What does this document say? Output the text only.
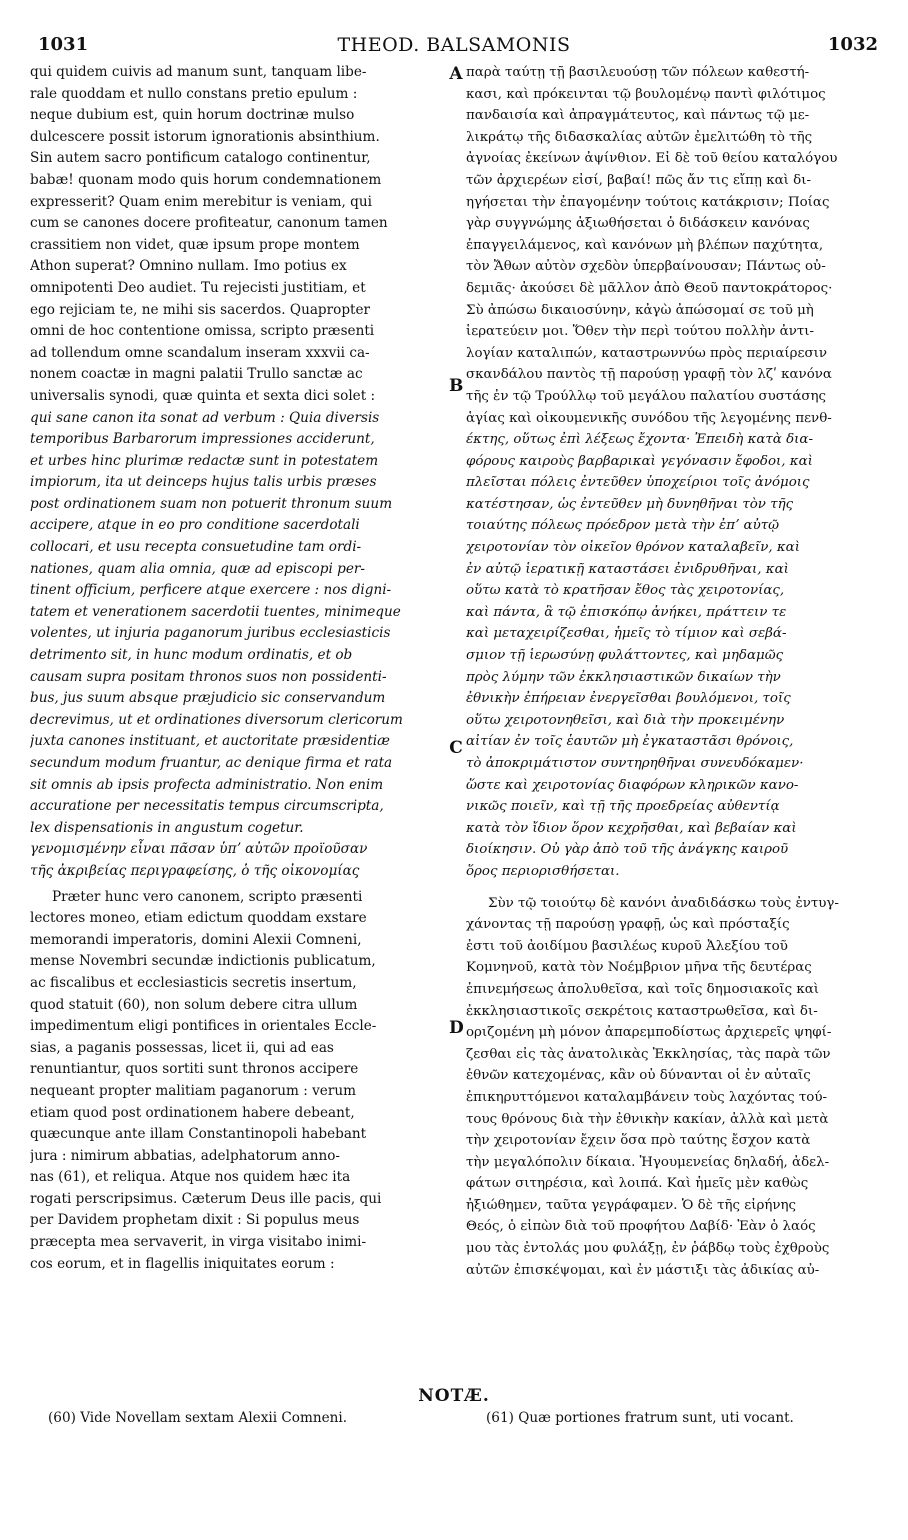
1031	THEOD. BALSAMONIS	1032
qui quidem cuivis ad manum sunt, tanquam libe-
rale quoddam et nullo constans pretio epulum :
neque dubium est, quin horum doctrinæ mulso
dulcescere possit istorum ignorationis absinthium.
Sin autem sacro pontificum catalogo continentur,
babæ! quonam modo quis horum condemnationem
expresserit? Quam enim merebitur is veniam, qui
cum se canones docere profiteatur, canonum tamen
crassitiem non videt, quæ ipsum prope montem
Athon superat? Omnino nullam. Imo potius ex
omnipotenti Deo audiet. Tu rejecisti justitiam, et
ego rejiciam te, ne mihi sis sacerdos. Quapropter
omni de hoc contentione omissa, scripto præsenti
ad tollendum omne scandalum inseram xxxvii ca-
nonem coactæ in magni palatii Trullo sanctæ ac
universalis synodi, quæ quinta et sexta dici solet :
qui sane canon ita sonat ad verbum : Quia diversis
temporibus Barbarorum impressiones acciderunt,
et urbes hinc plurimæ redactæ sunt in potestatem
impiorum, ita ut deinceps hujus talis urbis præses
post ordinationem suam non potuerit thronum suum
accipere, atque in eo pro conditione sacerdotali
collocari, et usu recepta consuetudine tam ordi-
nationes, quam alia omnia, quæ ad episcopi per-
tinent officium, perficere atque exercere : nos digni-
tatem et venerationem sacerdotii tuentes, minimeque
volentes, ut injuria paganorum juribus ecclesiasticis
detrimento sit, in hunc modum ordinatis, et ob
causam supra positam thronos suos non possidenti-
bus, jus suum absque præjudicio sic conservandum
decrevimus, ut et ordinationes diversorum clericorum
juxta canones instituant, et auctoritate præsidentiæ
secundum modum fruantur, ac denique firma et rata
sit omnis ab ipsis profecta administratio. Non enim
accuratione per necessitatis tempus circumscripta,
lex dispensationis in angustum cogetur.
γενομισμένην εἶναι πᾶσαν ὑπʼ αὐτῶν προϊοῦσαν
τῆς ἀκριβείας περιγραφείσης, ὁ τῆς οἰκονομίας
Præter hunc vero canonem, scripto præsenti
lectores moneo, etiam edictum quoddam exstare
memorandi imperatoris, domini Alexii Comneni,
mense Novembri secundæ indictionis publicatum,
ac fiscalibus et ecclesiasticis secretis insertum,
quod statuit (60), non solum debere citra ullum
impedimentum eligi pontifices in orientales Eccle-
sias, a paganis possessas, licet ii, qui ad eas
renuntiantur, quos sortiti sunt thronos accipere
nequeant propter malitiam paganorum : verum
etiam quod post ordinationem habere debeant,
quæcunque ante illam Constantinopoli habebant
jura : nimirum abbatias, adelphatorum anno-
nas (61), et reliqua. Atque nos quidem hæc ita
rogati perscripsimus. Cæterum Deus ille pacis, qui
per Davidem prophetam dixit : Si populus meus
præcepta mea servaverit, in virga visitabo inimi-
cos eorum, et in flagellis iniquitates eorum :
παρὰ ταύτῃ τῇ βασιλευούσῃ τῶν πόλεων καθεστή-
κασι, καὶ πρόκεινται τῷ βουλομένῳ παντὶ φιλότιμος
πανδαισία καὶ ἀπραγμάτευτος, καὶ πάντως τῷ με-
λικράτῳ τῆς διδασκαλίας αὐτῶν ἐμελιτώθη τὸ τῆς
ἀγνοίας ἐκείνων ἀψίνθιον. Εἰ δὲ τοῦ θείου καταλόγου
τῶν ἀρχιερέων εἰσί, βαβαί! πῶς ἄν τις εἴπῃ καὶ δι-
ηγήσεται τὴν ἐπαγομένην τούτοις κατάκρισιν; Ποίας
γὰρ συγγνώμης ἀξιωθήσεται ὁ διδάσκειν κανόνας
ἐπαγγειλάμενος, καὶ κανόνων μὴ βλέπων παχύτητα,
τὸν Ἄθων αὐτὸν σχεδὸν ὑπερβαίνουσαν; Πάντως οὐ-
δεμιᾶς· ἀκούσει δὲ μᾶλλον ἀπὸ Θεοῦ παντοκράτορος·
Σὺ ἀπώσω δικαιοσύνην, κἀγὼ ἀπώσομαί σε τοῦ μὴ
ἱερατεύειν μοι. Ὅθεν τὴν περὶ τούτου πολλὴν ἀντι-
λογίαν καταλιπών, καταστρωννύω πρὸς περιαίρεσιν
σκανδάλου παντὸς τῇ παρούσῃ γραφῇ τὸν λζʹ κανόνα
τῆς ἐν τῷ Τρούλλῳ τοῦ μεγάλου παλατίου συστάσης
ἁγίας καὶ οἰκουμενικῆς συνόδου τῆς λεγομένης πενθ-
έκτης, οὕτως ἐπὶ λέξεως ἔχοντα· Ἐπειδὴ κατὰ δια-
φόρους καιροὺς βαρβαρικαὶ γεγόνασιν ἔφοδοι, καὶ
πλεῖσται πόλεις ἐντεῦθεν ὑποχείριοι τοῖς ἀνόμοις
κατέστησαν, ὡς ἐντεῦθεν μὴ δυνηθῆναι τὸν τῆς
τοιαύτης πόλεως πρόεδρον μετὰ τὴν ἐπʼ αὐτῷ
χειροτονίαν τὸν οἰκεῖον θρόνον καταλαβεῖν, καὶ
ἐν αὐτῷ ἱερατικῇ καταστάσει ἐνιδρυθῆναι, καὶ
οὕτω κατὰ τὸ κρατῆσαν ἔθος τὰς χειροτονίας,
καὶ πάντα, ἃ τῷ ἐπισκόπῳ ἀνήκει, πράττειν τε
καὶ μεταχειρίζεσθαι, ἡμεῖς τὸ τίμιον καὶ σεβά-
σμιον τῇ ἱερωσύνῃ φυλάττοντες, καὶ μηδαμῶς
πρὸς λύμην τῶν ἐκκλησιαστικῶν δικαίων τὴν
ἐθνικὴν ἐπήρειαν ἐνεργεῖσθαι βουλόμενοι, τοῖς
οὕτω χειροτονηθεῖσι, καὶ διὰ τὴν προκειμένην
αἰτίαν ἐν τοῖς ἑαυτῶν μὴ ἐγκαταστᾶσι θρόνοις,
τὸ ἀποκριμάτιστον συντηρηθῆναι συνευδόκαμεν·
ὥστε καὶ χειροτονίας διαφόρων κληρικῶν κανο-
νικῶς ποιεῖν, καὶ τῇ τῆς προεδρείας αὐθεντίᾳ
κατὰ τὸν ἴδιον ὅρον κεχρῆσθαι, καὶ βεβαίαν καὶ
διοίκησιν. Οὐ γὰρ ἀπὸ τοῦ τῆς ἀνάγκης καιροῦ
ὅρος περιορισθήσεται.
Σὺν τῷ τοιούτῳ δὲ κανόνι ἀναδιδάσκω τοὺς ἐντυγ-
χάνοντας τῇ παρούσῃ γραφῇ, ὡς καὶ πρόσταξίς
ἐστι τοῦ ἀοιδίμου βασιλέως κυροῦ Ἀλεξίου τοῦ
Κομνηνοῦ, κατὰ τὸν Νοέμβριον μῆνα τῆς δευτέρας
ἐπινεμήσεως ἀπολυθεῖσα, καὶ τοῖς δημοσιακοῖς καὶ
ἐκκλησιαστικοῖς σεκρέτοις καταστρωθεῖσα, καὶ δι-
οριζομένη μὴ μόνον ἀπαρεμποδίστως ἀρχιερεῖς ψηφί-
ζεσθαι εἰς τὰς ἀνατολικὰς Ἐκκλησίας, τὰς παρὰ τῶν
ἐθνῶν κατεχομένας, κἂν οὐ δύνανται οἱ ἐν αὐταῖς
ἐπικηρυττόμενοι καταλαμβάνειν τοὺς λαχόντας τού-
τους θρόνους διὰ τὴν ἐθνικὴν κακίαν, ἀλλὰ καὶ μετὰ
τὴν χειροτονίαν ἔχειν ὅσα πρὸ ταύτης ἔσχον κατὰ
τὴν μεγαλόπολιν δίκαια. Ἡγουμενείας δηλαδή, ἀδελ-
φάτων σιτηρέσια, καὶ λοιπά. Καὶ ἡμεῖς μὲν καθὼς
ἠξιώθημεν, ταῦτα γεγράφαμεν. Ὁ δὲ τῆς εἰρήνης
Θεός, ὁ εἰπὼν διὰ τοῦ προφήτου Δαβίδ· Ἐὰν ὁ λαός
μου τὰς ἐντολάς μου φυλάξῃ, ἐν ῥάβδῳ τοὺς ἐχθροὺς
αὐτῶν ἐπισκέψομαι, καὶ ἐν μάστιξι τὰς ἀδικίας αὐ-
A
B
C
D
NOTÆ.
(60) Vide Novellam sextam Alexii Comneni.	(61) Quæ portiones fratrum sunt, uti vocant.
